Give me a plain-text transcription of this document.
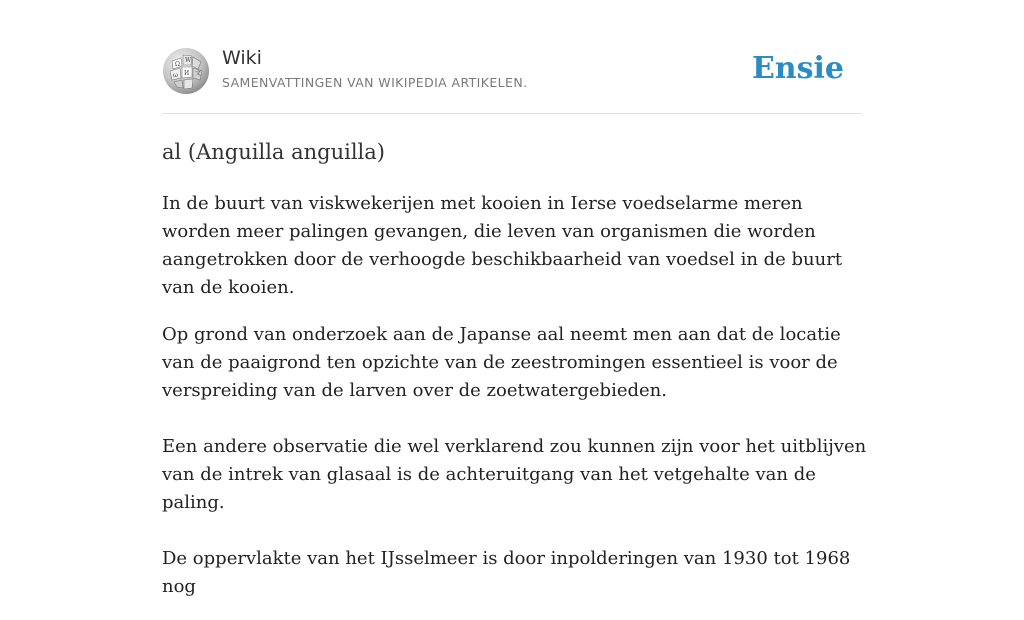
Ω
W
И
ω	文
Wiki
SAMENVATTINGEN VAN WIKIPEDIA ARTIKELEN.	Ensie
al (Anguilla anguilla)

In de buurt van viskwekerijen met kooien in Ierse voedselarme meren worden meer palingen gevangen, die leven van organismen die worden aangetrokken door de verhoogde beschikbaarheid van voedsel in de buurt van de kooien.

Op grond van onderzoek aan de Japanse aal neemt men aan dat de locatie van de paaigrond ten opzichte van de zeestromingen essentieel is voor de verspreiding van de larven over de zoetwatergebieden.

Een andere observatie die wel verklarend zou kunnen zijn voor het uitblijven van de intrek van glasaal is de achteruitgang van het vetgehalte van de paling.

De oppervlakte van het IJsselmeer is door inpolderingen van 1930 tot 1968 nog
